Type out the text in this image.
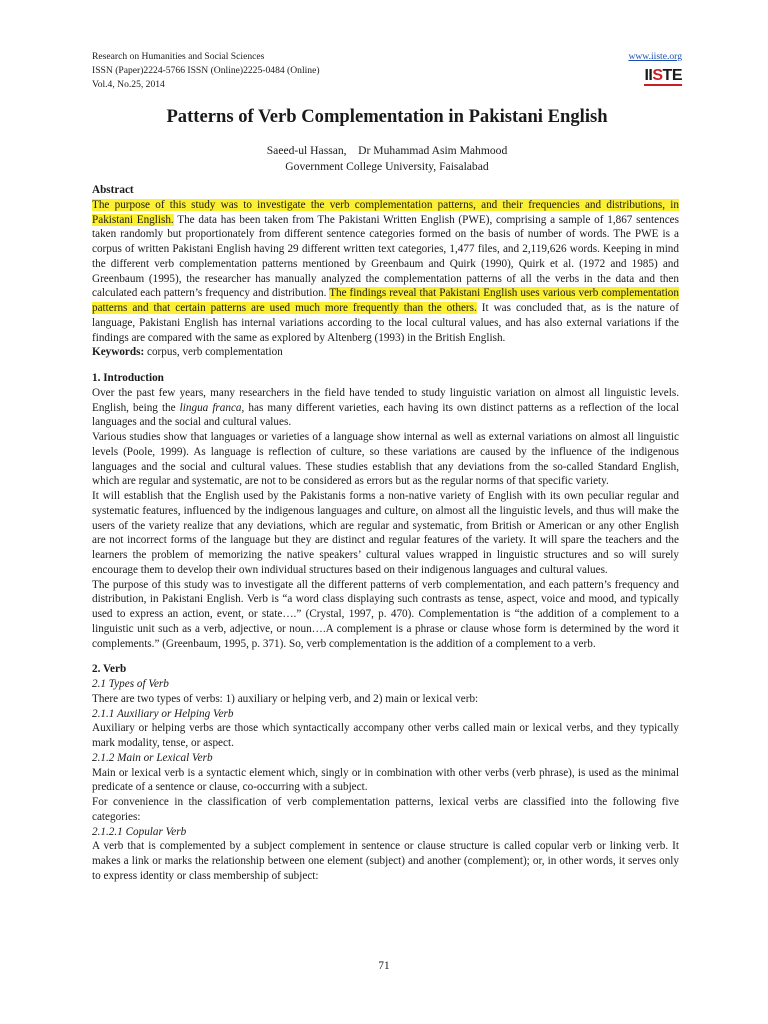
Research on Humanities and Social Sciences
ISSN (Paper)2224-5766 ISSN (Online)2225-0484 (Online)
Vol.4, No.25, 2014
www.iiste.org
IISTE
Patterns of Verb Complementation in Pakistani English
Saeed-ul Hassan,    Dr Muhammad Asim Mahmood
Government College University, Faisalabad

Abstract

The purpose of this study was to investigate the verb complementation patterns, and their frequencies and distributions, in Pakistani English. The data has been taken from The Pakistani Written English (PWE), comprising a sample of 1,867 sentences taken randomly but proportionately from different sentence categories formed on the basis of number of words. The PWE is a corpus of written Pakistani English having 29 different written text categories, 1,477 files, and 2,119,626 words. Keeping in mind the different verb complementation patterns mentioned by Greenbaum and Quirk (1990), Quirk et al. (1972 and 1985) and Greenbaum (1995), the researcher has manually analyzed the complementation patterns of all the verbs in the data and then calculated each pattern’s frequency and distribution. The findings reveal that Pakistani English uses various verb complementation patterns and that certain patterns are used much more frequently than the others. It was concluded that, as is the nature of language, Pakistani English has internal variations according to the local cultural values, and has also external variations if the findings are compared with the same as explored by Altenberg (1993) in the British English.

Keywords: corpus, verb complementation

1. Introduction

Over the past few years, many researchers in the field have tended to study linguistic variation on almost all linguistic levels. English, being the lingua franca, has many different varieties, each having its own distinct patterns as a reflection of the local languages and the social and cultural values.

Various studies show that languages or varieties of a language show internal as well as external variations on almost all linguistic levels (Poole, 1999). As language is reflection of culture, so these variations are caused by the influence of the indigenous languages and the social and cultural values. These studies establish that any deviations from the so-called Standard English, which are regular and systematic, are not to be considered as errors but as the regular norms of that specific variety.

It will establish that the English used by the Pakistanis forms a non-native variety of English with its own peculiar regular and systematic features, influenced by the indigenous languages and culture, on almost all the linguistic levels, and thus will make the users of the variety realize that any deviations, which are regular and systematic, from British or American or any other English are not incorrect forms of the language but they are distinct and regular features of the variety. It will spare the teachers and the learners the problem of memorizing the native speakers’ cultural values wrapped in linguistic structures and so will surely encourage them to develop their own individual structures based on their indigenous languages and cultural values.

The purpose of this study was to investigate all the different patterns of verb complementation, and each pattern’s frequency and distribution, in Pakistani English. Verb is “a word class displaying such contrasts as tense, aspect, voice and mood, and typically used to express an action, event, or state….” (Crystal, 1997, p. 470). Complementation is “the addition of a complement to a linguistic unit such as a verb, adjective, or noun….A complement is a phrase or clause whose form is determined by the word it complements.” (Greenbaum, 1995, p. 371). So, verb complementation is the addition of a complement to a verb.

2. Verb

2.1 Types of Verb

There are two types of verbs: 1) auxiliary or helping verb, and 2) main or lexical verb:

2.1.1 Auxiliary or Helping Verb

Auxiliary or helping verbs are those which syntactically accompany other verbs called main or lexical verbs, and they typically mark modality, tense, or aspect.

2.1.2 Main or Lexical Verb

Main or lexical verb is a syntactic element which, singly or in combination with other verbs (verb phrase), is used as the minimal predicate of a sentence or clause, co-occurring with a subject.

For convenience in the classification of verb complementation patterns, lexical verbs are classified into the following five categories:

2.1.2.1 Copular Verb

A verb that is complemented by a subject complement in sentence or clause structure is called copular verb or linking verb. It makes a link or marks the relationship between one element (subject) and another (complement); or, in other words, it serves only to express identity or class membership of subject:

71
